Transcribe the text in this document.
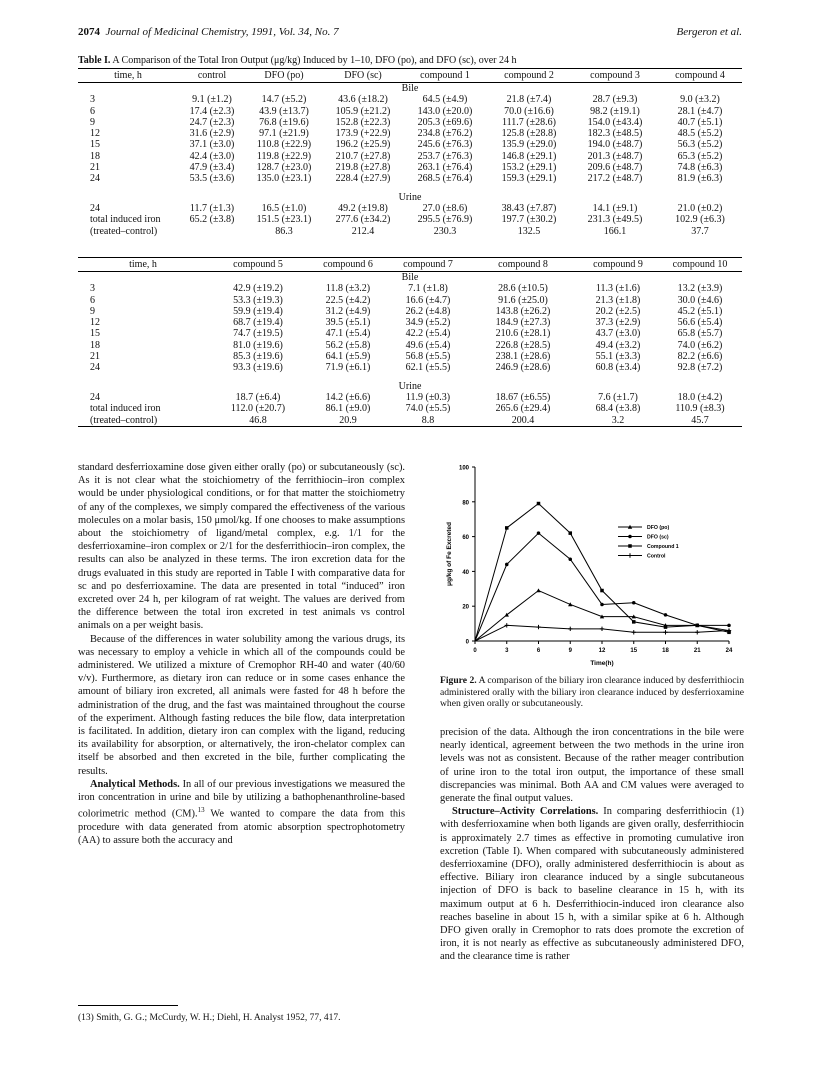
2074 Journal of Medicinal Chemistry, 1991, Vol. 34, No. 7	Bergeron et al.
Table I. A Comparison of the Total Iron Output (μg/kg) Induced by 1–10, DFO (po), and DFO (sc), over 24 h
time, h	control	DFO (po)	DFO (sc)	compound 1	compound 2	compound 3	compound 4
Bile							
3	9.1 (±1.2)	14.7 (±5.2)	43.6 (±18.2)	64.5 (±4.9)	21.8 (±7.4)	28.7 (±9.3)	9.0 (±3.2)
6	17.4 (±2.3)	43.9 (±13.7)	105.9 (±21.2)	143.0 (±20.0)	70.0 (±16.6)	98.2 (±19.1)	28.1 (±4.7)
9	24.7 (±2.3)	76.8 (±19.6)	152.8 (±22.3)	205.3 (±69.6)	111.7 (±28.6)	154.0 (±43.4)	40.7 (±5.1)
12	31.6 (±2.9)	97.1 (±21.9)	173.9 (+22.9)	234.8 (±76.2)	125.8 (±28.8)	182.3 (±48.5)	48.5 (±5.2)
15	37.1 (±3.0)	110.8 (±22.9)	196.2 (±25.9)	245.6 (±76.3)	135.9 (±29.0)	194.0 (±48.7)	56.3 (±5.2)
18	42.4 (±3.0)	119.8 (±22.9)	210.7 (±27.8)	253.7 (±76.3)	146.8 (±29.1)	201.3 (±48.7)	65.3 (±5.2)
21	47.9 (±3.4)	128.7 (±23.0)	219.8 (±27.8)	263.1 (±76.4)	153.2 (±29.1)	209.6 (±48.7)	74.8 (±6.3)
24	53.5 (±3.6)	135.0 (±23.1)	228.4 (±27.9)	268.5 (±76.4)	159.3 (±29.1)	217.2 (±48.7)	81.9 (±6.3)

Urine							
24	11.7 (±1.3)	16.5 (±1.0)	49.2 (±19.8)	27.0 (±8.6)	38.43 (±7.87)	14.1 (±9.1)	21.0 (±0.2)
total induced iron	65.2 (±3.8)	151.5 (±23.1)	277.6 (±34.2)	295.5 (±76.9)	197.7 (±30.2)	231.3 (±49.5)	102.9 (±6.3)
(treated–control)		86.3	212.4	230.3	132.5	166.1	37.7
time, h	compound 5	compound 6	compound 7	compound 8	compound 9	compound 10
Bile						
3	42.9 (±19.2)	11.8 (±3.2)	7.1 (±1.8)	28.6 (±10.5)	11.3 (±1.6)	13.2 (±3.9)
6	53.3 (±19.3)	22.5 (±4.2)	16.6 (±4.7)	91.6 (±25.0)	21.3 (±1.8)	30.0 (±4.6)
9	59.9 (±19.4)	31.2 (±4.9)	26.2 (±4.8)	143.8 (±26.2)	20.2 (±2.5)	45.2 (±5.1)
12	68.7 (±19.4)	39.5 (±5.1)	34.9 (±5.2)	184.9 (±27.3)	37.3 (±2.9)	56.6 (±5.4)
15	74.7 (±19.5)	47.1 (±5.4)	42.2 (±5.4)	210.6 (±28.1)	43.7 (±3.0)	65.8 (±5.7)
18	81.0 (±19.6)	56.2 (±5.8)	49.6 (±5.4)	226.8 (±28.5)	49.4 (±3.2)	74.0 (±6.2)
21	85.3 (±19.6)	64.1 (±5.9)	56.8 (±5.5)	238.1 (±28.6)	55.1 (±3.3)	82.2 (±6.6)
24	93.3 (±19.6)	71.9 (±6.1)	62.1 (±5.5)	246.9 (±28.6)	60.8 (±3.4)	92.8 (±7.2)

Urine						
24	18.7 (±6.4)	14.2 (±6.6)	11.9 (±0.3)	18.67 (±6.55)	7.6 (±1.7)	18.0 (±4.2)
total induced iron	112.0 (±20.7)	86.1 (±9.0)	74.0 (±5.5)	265.6 (±29.4)	68.4 (±3.8)	110.9 (±8.3)
(treated–control)	46.8	20.9	8.8	200.4	3.2	45.7

standard desferrioxamine dose given either orally (po) or subcutaneously (sc). As it is not clear what the stoichiometry of the ferrithiocin–iron complex would be under physiological conditions, or for that matter the stoichiometry of any of the complexes, we simply compared the effectiveness of the various molecules on a molar basis, 150 μmol/kg. If one chooses to make assumptions about the stoichiometry of ligand/metal complex, e.g. 1/1 for the desferrioxamine–iron complex or 2/1 for the desferrithiocin–iron complex, the results can also be analyzed in these terms. The iron excretion data for the drugs evaluated in this study are reported in Table I with comparative data for sc and po desferrioxamine. The data are presented in total “induced” iron excreted over 24 h, per kilogram of rat weight. The values are derived from the difference between the total iron excreted in test animals vs control animals on a per weight basis.

Because of the differences in water solubility among the various drugs, its was necessary to employ a vehicle in which all of the compounds could be administered. We utilized a mixture of Cremophor RH-40 and water (40/60 v/v). Furthermore, as dietary iron can reduce or in some cases enhance the amount of biliary iron excreted, all animals were fasted for 48 h before the administration of the drug, and the fast was maintained throughout the course of the experiment. Although fasting reduces the bile flow, data interpretation is facilitated. In addition, dietary iron can complex with the ligand, reducing its availability for absorption, or alternatively, the iron-chelator complex can itself be absorbed and then excreted in the bile, further complicating the results.

Analytical Methods. In all of our previous investigations we measured the iron concentration in urine and bile by utilizing a bathophenanthroline-based colorimetric method (CM).$^{13}$ We wanted to compare the data from this procedure with data generated from atomic absorption spectrophotometry (AA) to assure both the accuracy and

(13) Smith, G. G.; McCurdy, W. H.; Diehl, H. Analyst 1952, 77, 417.
0
20
40
60
80
100
0	3	6	9	12	15	18	21	24
Time(h)
μg/kg of Fe Excreted	DFO (po)
DFO (sc)
Compound 1
Control
Figure 2. A comparison of the biliary iron clearance induced by desferrithiocin administered orally with the biliary iron clearance induced by desferrioxamine when given orally or subcutaneously.

precision of the data. Although the iron concentrations in the bile were nearly identical, agreement between the two methods in the urine iron levels was not as consistent. Because of the rather meager contribution of urine iron to the total iron output, the importance of these small discrepancies was minimal. Both AA and CM values were averaged to generate the final output values.

Structure–Activity Correlations. In comparing desferrithiocin (1) with desferrioxamine when both ligands are given orally, desferrithiocin is approximately 2.7 times as effective in promoting cumulative iron excretion (Table I). When compared with subcutaneously administered desferrioxamine (DFO), orally administered desferrithiocin is about as effective. Biliary iron clearance induced by a single subcutaneous injection of DFO is back to baseline clearance in 15 h, with its maximum output at 6 h. Desferrithiocin-induced iron clearance also reaches baseline in about 15 h, with a similar spike at 6 h. Although DFO given orally in Cremophor to rats does promote the excretion of iron, it is not nearly as effective as subcutaneously administered DFO, and the clearance time is rather
